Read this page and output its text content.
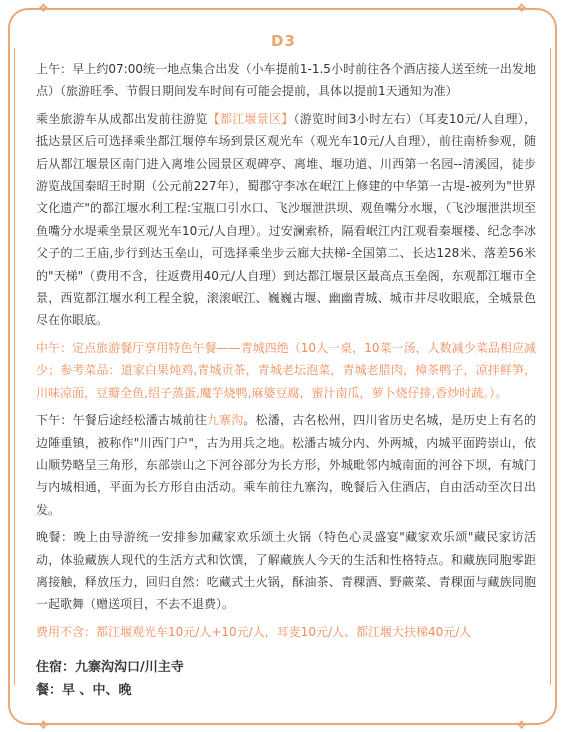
❖	❖
❖	❖
D3

上午：早上约07:00统一地点集合出发（小车提前1-1.5小时前往各个酒店接人送至统一出发地点）（旅游旺季、节假日期间发车时间有可能会提前，具体以提前1天通知为准）

乘坐旅游车从成都出发前往游览【都江堰景区】（游览时间3小时左右）（耳麦10元/人自理），抵达景区后可选择乘坐都江堰停车场到景区观光车（观光车10元/人自理），前往南桥参观，随后从都江堰景区南门进入离堆公园景区观碑亭、离堆、堰功道、川西第一名园--清溪园，徒步游览战国秦昭王时期（公元前227年），蜀郡守李冰在岷江上修建的中华第一古堤-被列为"世界文化遗产"的都江堰水利工程:宝瓶口引水口、飞沙堰泄洪坝、观鱼嘴分水堰，（飞沙堰泄洪坝至鱼嘴分水堤乘坐景区观光车10元/人自理）。过安澜索桥，隔看岷江内江观看秦堰楼、纪念李冰父子的二王庙,步行到达玉垒山，可选择乘坐步云廊大扶梯-全国第二、长达128米、落差56米的"天梯"（费用不含，往返费用40元/人自理）到达都江堰景区最高点玉垒阁，东观都江堰市全景，西览都江堰水利工程全貌，滚滚岷江、巍巍古堰、幽幽青城、城市井尽收眼底，全城景色尽在你眼底。

中午：定点旅游餐厅享用特色午餐——青城四绝（10人一桌，10菜一汤，人数减少菜品相应减少；参考菜品：道家白果炖鸡,青城贡茶，青城老坛泡菜，青城老腊肉，樟茶鸭子，凉拌鲜笋，川味凉面，豆瓣全鱼,绍子蒸蛋,魔芋烧鸭,麻婆豆腐，蜜汁南瓜，萝卜烧仔排,香炒时蔬。）。

下午：午餐后途经松潘古城前往九寨沟。松潘，古名松州，四川省历史名城，是历史上有名的边陲重镇，被称作"川西门户"，古为用兵之地。松潘古城分内、外两城，内城平面跨崇山，依山顺势略呈三角形，东部崇山之下河谷部分为长方形，外城毗邻内城南面的河谷下坝，有城门与内城相通，平面为长方形自由活动。乘车前往九寨沟，晚餐后入住酒店，自由活动至次日出发。

晚餐：晚上由导游统一安排参加藏家欢乐颂土火锅（特色心灵盛宴"藏家欢乐颂"藏民家访活动，体验藏族人现代的生活方式和饮馔，了解藏族人今天的生活和性格特点。和藏族同胞零距离接触，释放压力，回归自然：吃藏式土火锅，酥油茶、青稞酒、野蕨菜、青稞面与藏族同胞一起歌舞（赠送项目，不去不退费）。

费用不含：都江堰观光车10元/人+10元/人，耳麦10元/人、都江堰大扶梯40元/人

住宿：九寨沟沟口/川主寺
餐：早 、中、晚
